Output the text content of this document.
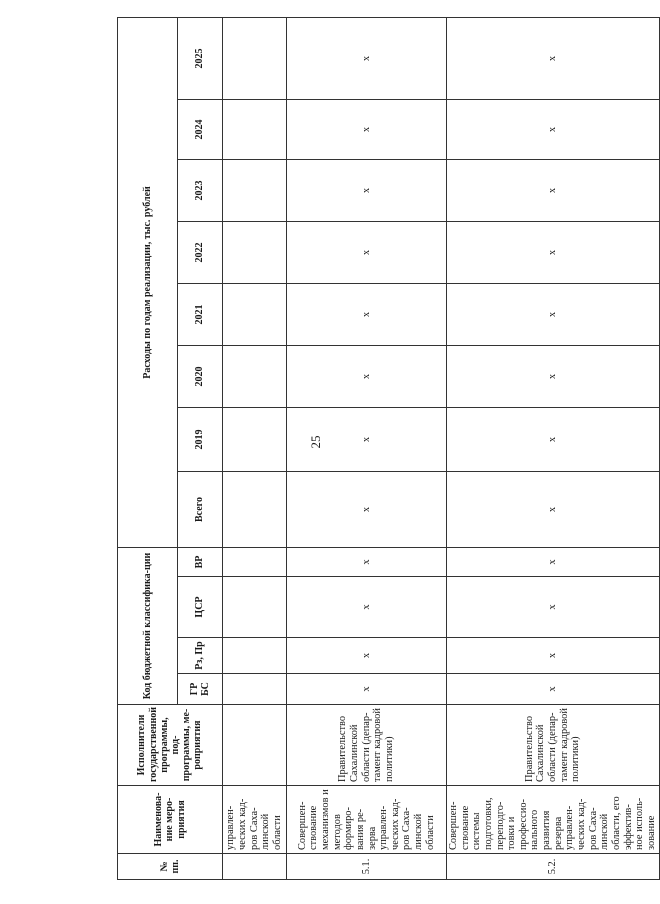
25
№ пп.	Наименова-ние меро-приятия	Исполнители государственной программы, под-программы, ме-роприятия	Код бюджетной классифика-ции				Расходы по годам реализации, тыс. рублей							
			ГР БС	Рз, Пр	ЦСР	ВР	Всего	2019	2020	2021	2022	2023	2024	2025
	управлен-ческих кад-ров Саха-линской области													
5.1.	Совершен-ствование механизмов и методов формиро-вания ре-зерва управлен-ческих кад-ров Саха-линской области	Правительство Сахалинской области (депар-тамент кадровой политики)	х	х	х	х	х	х	х	х	х	х	х	х
5.2.	Совершен-ствование системы подготовки, переподго-товки и профессио-нального развития резерва управлен-ческих кад-ров Саха-линской области, его эффектив-ное исполь-зование	Правительство Сахалинской области (депар-тамент кадровой политики)	х	х	х	х	х	х	х	х	х	х	х	х
